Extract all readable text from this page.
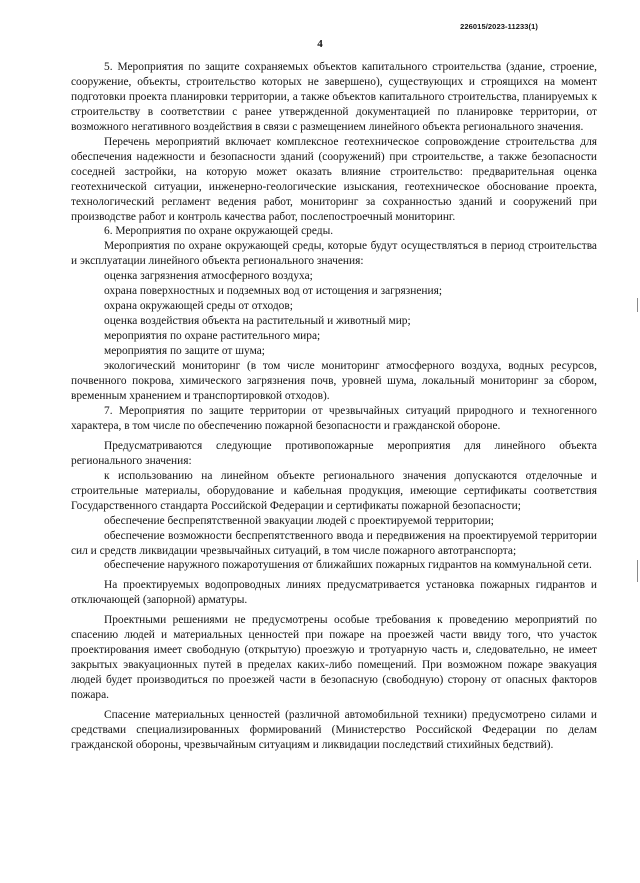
226015/2023-11233(1)
4

5. Мероприятия по защите сохраняемых объектов капитального строительства (здание, строение, сооружение, объекты, строительство которых не завершено), существующих и строящихся на момент подготовки проекта планировки территории, а также объектов капитального строительства, планируемых к строительству в соответствии с ранее утвержденной документацией по планировке территории, от возможного негативного воздействия в связи с размещением линейного объекта регионального значения.

Перечень мероприятий включает комплексное геотехническое сопровождение строительства для обеспечения надежности и безопасности зданий (сооружений) при строительстве, а также безопасности соседней застройки, на которую может оказать влияние строительство: предварительная оценка геотехнической ситуации, инженерно-геологические изыскания, геотехническое обоснование проекта, технологический регламент ведения работ, мониторинг за сохранностью зданий и сооружений при производстве работ и контроль качества работ, послепостроечный мониторинг.

6. Мероприятия по охране окружающей среды.

Мероприятия по охране окружающей среды, которые будут осуществляться в период строительства и эксплуатации линейного объекта регионального значения:

оценка загрязнения атмосферного воздуха;

охрана поверхностных и подземных вод от истощения и загрязнения;

охрана окружающей среды от отходов;

оценка воздействия объекта на растительный и животный мир;

мероприятия по охране растительного мира;

мероприятия по защите от шума;

экологический мониторинг (в том числе мониторинг атмосферного воздуха, водных ресурсов, почвенного покрова, химического загрязнения почв, уровней шума, локальный мониторинг за сбором, временным хранением и транспортировкой отходов).

7. Мероприятия по защите территории от чрезвычайных ситуаций природного и техногенного характера, в том числе по обеспечению пожарной безопасности и гражданской обороне.

Предусматриваются следующие противопожарные мероприятия для линейного объекта регионального значения:

к использованию на линейном объекте регионального значения допускаются отделочные и строительные материалы, оборудование и кабельная продукция, имеющие сертификаты соответствия Государственного стандарта Российской Федерации и сертификаты пожарной безопасности;

обеспечение беспрепятственной эвакуации людей с проектируемой территории;

обеспечение возможности беспрепятственного ввода и передвижения на проектируемой территории сил и средств ликвидации чрезвычайных ситуаций, в том числе пожарного автотранспорта;

обеспечение наружного пожаротушения от ближайших пожарных гидрантов на коммунальной сети.

На проектируемых водопроводных линиях предусматривается установка пожарных гидрантов и отключающей (запорной) арматуры.

Проектными решениями не предусмотрены особые требования к проведению мероприятий по спасению людей и материальных ценностей при пожаре на проезжей части ввиду того, что участок проектирования имеет свободную (открытую) проезжую и тротуарную часть и, следовательно, не имеет закрытых эвакуационных путей в пределах каких-либо помещений. При возможном пожаре эвакуация людей будет производиться по проезжей части в безопасную (свободную) сторону от опасных факторов пожара.

Спасение материальных ценностей (различной автомобильной техники) предусмотрено силами и средствами специализированных формирований (Министерство Российской Федерации по делам гражданской обороны, чрезвычайным ситуациям и ликвидации последствий стихийных бедствий).
